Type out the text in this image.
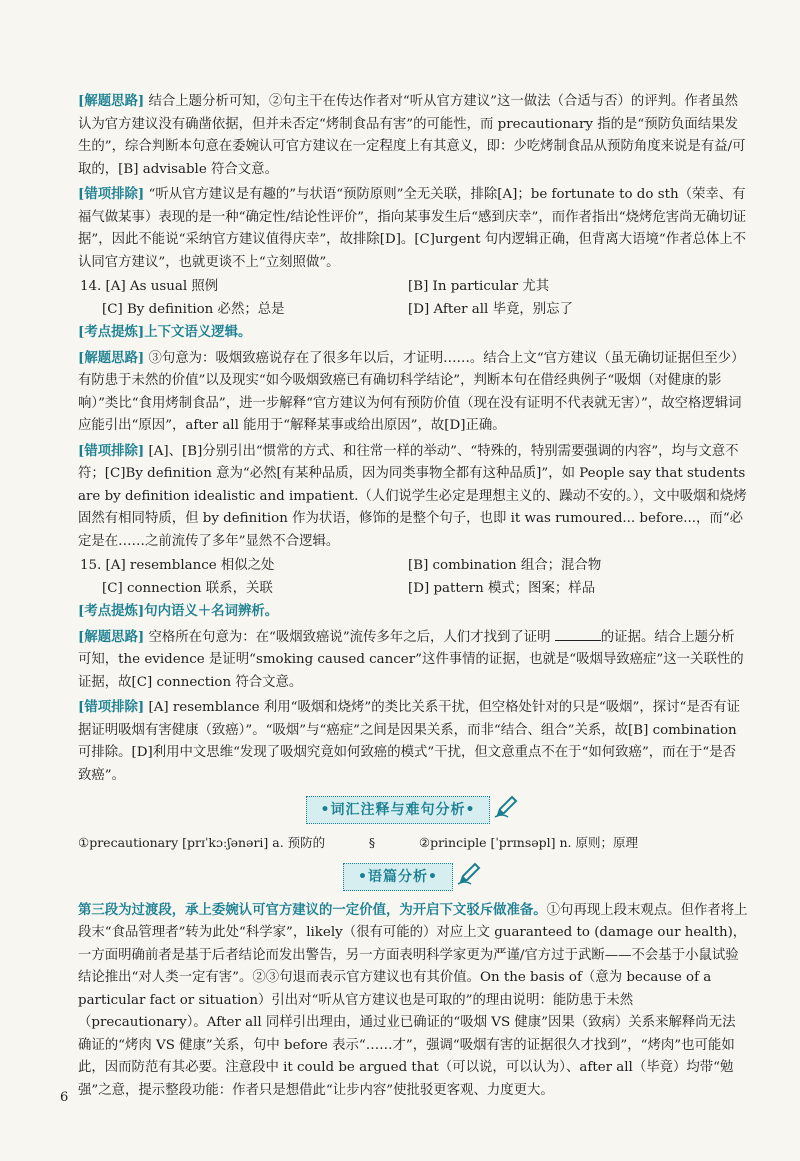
[解题思路] 结合上题分析可知，②句主干在传达作者对“听从官方建议”这一做法（合适与否）的评判。作者虽然认为官方建议没有确凿依据，但并未否定“烤制食品有害”的可能性，而 precautionary 指的是“预防负面结果发生的”，综合判断本句意在委婉认可官方建议在一定程度上有其意义，即：少吃烤制食品从预防角度来说是有益/可取的，[B] advisable 符合文意。

[错项排除] “听从官方建议是有趣的”与状语“预防原则”全无关联，排除[A]；be fortunate to do sth（荣幸、有福气做某事）表现的是一种“确定性/结论性评价”，指向某事发生后“感到庆幸”，而作者指出“烧烤危害尚无确切证据”，因此不能说“采纳官方建议值得庆幸”，故排除[D]。[C]urgent 句内逻辑正确，但背离大语境“作者总体上不认同官方建议”，也就更谈不上“立刻照做”。

14. [A] As usual 照例	[B] In particular 尤其
[C] By definition 必然；总是	[D] After all 毕竟，别忘了

[考点提炼]上下文语义逻辑。

[解题思路] ③句意为：吸烟致癌说存在了很多年以后，才证明……。结合上文“官方建议（虽无确切证据但至少）有防患于未然的价值”以及现实“如今吸烟致癌已有确切科学结论”，判断本句在借经典例子“吸烟（对健康的影响）”类比“食用烤制食品”，进一步解释“官方建议为何有预防价值（现在没有证明不代表就无害）”，故空格逻辑词应能引出“原因”，after all 能用于“解释某事或给出原因”，故[D]正确。

[错项排除] [A]、[B]分别引出“惯常的方式、和往常一样的举动”、“特殊的，特别需要强调的内容”，均与文意不符；[C]By definition 意为“必然[有某种品质，因为同类事物全都有这种品质]”，如 People say that students are by definition idealistic and impatient.（人们说学生必定是理想主义的、躁动不安的。），文中吸烟和烧烤固然有相同特质，但 by definition 作为状语，修饰的是整个句子，也即 it was rumoured... before...，而“必定是在……之前流传了多年”显然不合逻辑。

15. [A] resemblance 相似之处	[B] combination 组合；混合物
[C] connection 联系，关联	[D] pattern 模式；图案；样品

[考点提炼]句内语义＋名词辨析。

[解题思路] 空格所在句意为：在“吸烟致癌说”流传多年之后，人们才找到了证明	的证据。结合上题分析可知，the evidence 是证明“smoking caused cancer”这件事情的证据，也就是“吸烟导致癌症”这一关联性的证据，故[C] connection 符合文意。

[错项排除] [A] resemblance 利用“吸烟和烧烤”的类比关系干扰，但空格处针对的只是“吸烟”，探讨“是否有证据证明吸烟有害健康（致癌）”。“吸烟”与“癌症”之间是因果关系，而非“结合、组合”关系，故[B] combination 可排除。[D]利用中文思维“发现了吸烟究竟如何致癌的模式”干扰，但文意重点不在于“如何致癌”，而在于“是否致癌”。

•词汇注释与难句分析•
①precautionary [prɪˈkɔːʃənəri] a. 预防的	§	②principle [ˈprɪnsəpl] n. 原则；原理
•语篇分析•

第三段为过渡段，承上委婉认可官方建议的一定价值，为开启下文驳斥做准备。①句再现上段末观点。但作者将上段末“食品管理者”转为此处“科学家”，likely（很有可能的）对应上文 guaranteed to (damage our health)，一方面明确前者是基于后者结论而发出警告，另一方面表明科学家更为严谨/官方过于武断——不会基于小鼠试验结论推出“对人类一定有害”。②③句退而表示官方建议也有其价值。On the basis of（意为 because of a particular fact or situation）引出对“听从官方建议也是可取的”的理由说明：能防患于未然（precautionary）。After all 同样引出理由，通过业已确证的“吸烟 VS 健康”因果（致病）关系来解释尚无法确证的“烤肉 VS 健康”关系，句中 before 表示“……才”，强调“吸烟有害的证据很久才找到”，“烤肉”也可能如此，因而防范有其必要。注意段中 it could be argued that（可以说，可以认为）、after all（毕竟）均带“勉强”之意，提示整段功能：作者只是想借此“让步内容”使批驳更客观、力度更大。

6
